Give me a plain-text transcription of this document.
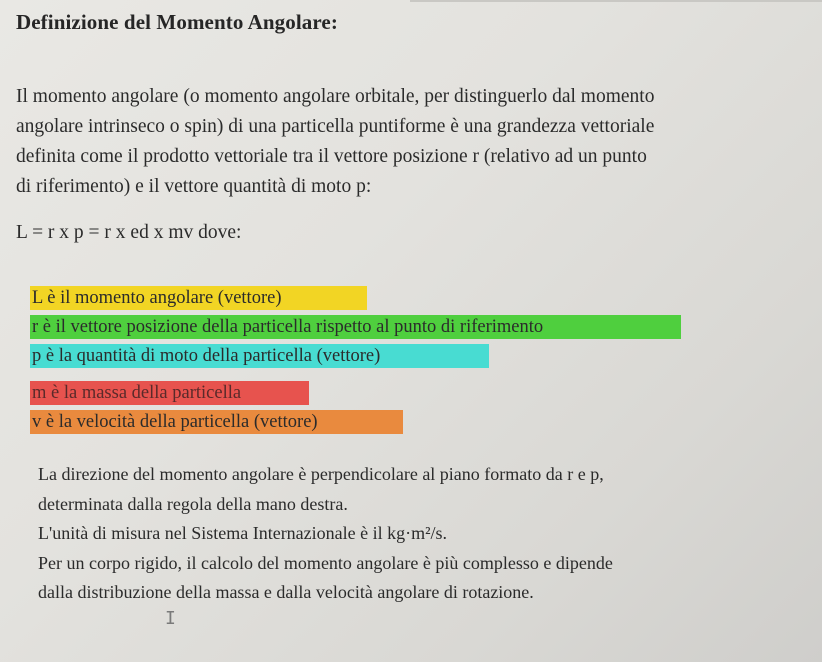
Definizione del Momento Angolare:

Il momento angolare (o momento angolare orbitale, per distinguerlo dal momento

angolare intrinseco o spin) di una particella puntiforme è una grandezza vettoriale

definita come il prodotto vettoriale tra il vettore posizione r (relativo ad un punto

di riferimento) e il vettore quantità di moto p:

L = r x p = r x ed x mv dove:
L è il momento angolare (vettore)
r è il vettore posizione della particella rispetto al punto di riferimento
p è la quantità di moto della particella (vettore)
m è la massa della particella
v è la velocità della particella (vettore)

La direzione del momento angolare è perpendicolare al piano formato da r e p,

determinata dalla regola della mano destra.

L'unità di misura nel Sistema Internazionale è il kg·m²/s.

Per un corpo rigido, il calcolo del momento angolare è più complesso e dipende

dalla distribuzione della massa e dalla velocità angolare di rotazione.

I
